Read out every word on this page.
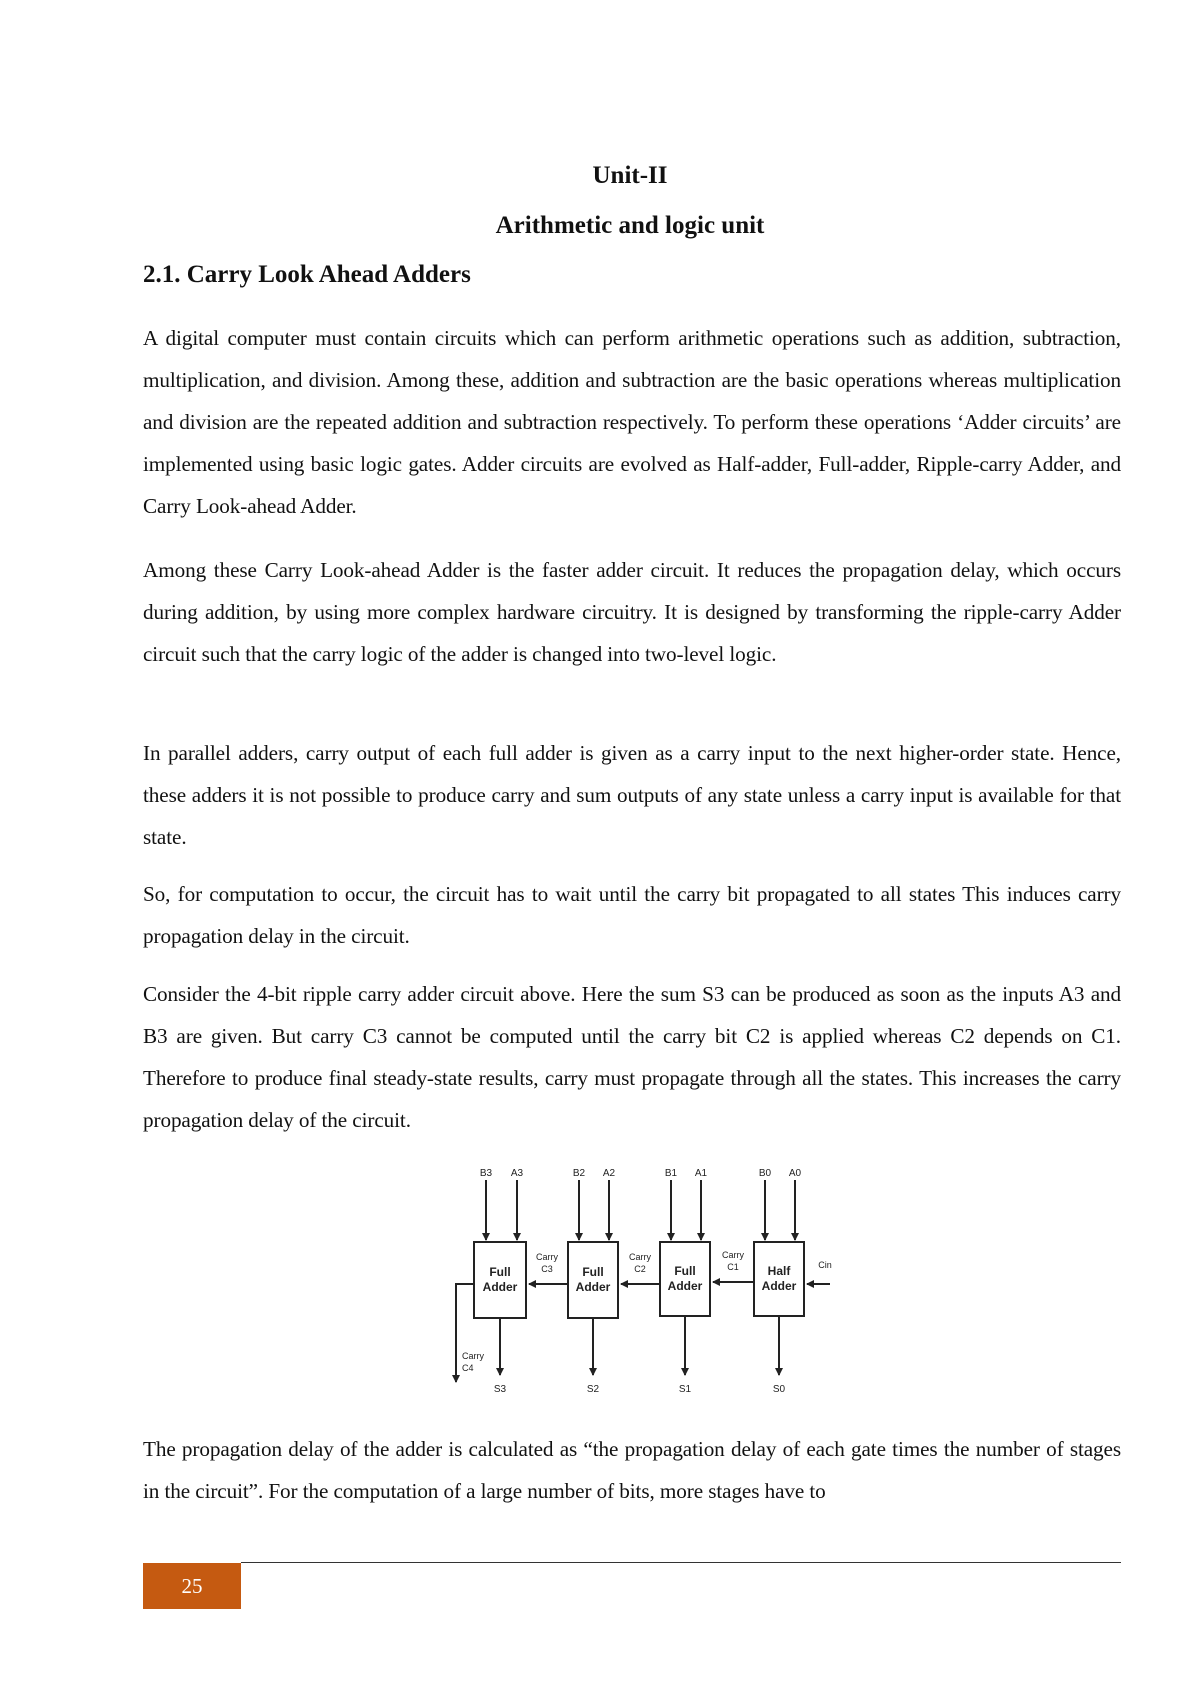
Unit-II
Arithmetic and logic unit
2.1. Carry Look Ahead Adders

A digital computer must contain circuits which can perform arithmetic operations such as addition, subtraction, multiplication, and division. Among these, addition and subtraction are the basic operations whereas multiplication and division are the repeated addition and subtraction respectively. To perform these operations ‘Adder circuits’ are implemented using basic logic gates. Adder circuits are evolved as Half-adder, Full-adder, Ripple-carry Adder, and Carry Look-ahead Adder.

Among these Carry Look-ahead Adder is the faster adder circuit. It reduces the propagation delay, which occurs during addition, by using more complex hardware circuitry. It is designed by transforming the ripple-carry Adder circuit such that the carry logic of the adder is changed into two-level logic.

In parallel adders, carry output of each full adder is given as a carry input to the next higher-order state. Hence, these adders it is not possible to produce carry and sum outputs of any state unless a carry input is available for that state.

So, for computation to occur, the circuit has to wait until the carry bit propagated to all states This induces carry propagation delay in the circuit.

Consider the 4-bit ripple carry adder circuit above. Here the sum S3 can be produced as soon as the inputs A3 and B3 are given. But carry C3 cannot be computed until the carry bit C2 is applied whereas C2 depends on C1. Therefore to produce final steady-state results, carry must propagate through all the states. This increases the carry propagation delay of the circuit.

B3 A3
Full
Adder
S3
B2 A2
Full
Adder
S2
B1 A1
Full
Adder
S1
B0 A0
Half
Adder
S0
Carry
C3
Carry
C2
Carry
C1	Cin
Carry
C4

The propagation delay of the adder is calculated as “the propagation delay of each gate times the number of stages in the circuit”. For the computation of a large number of bits, more stages have to

25
